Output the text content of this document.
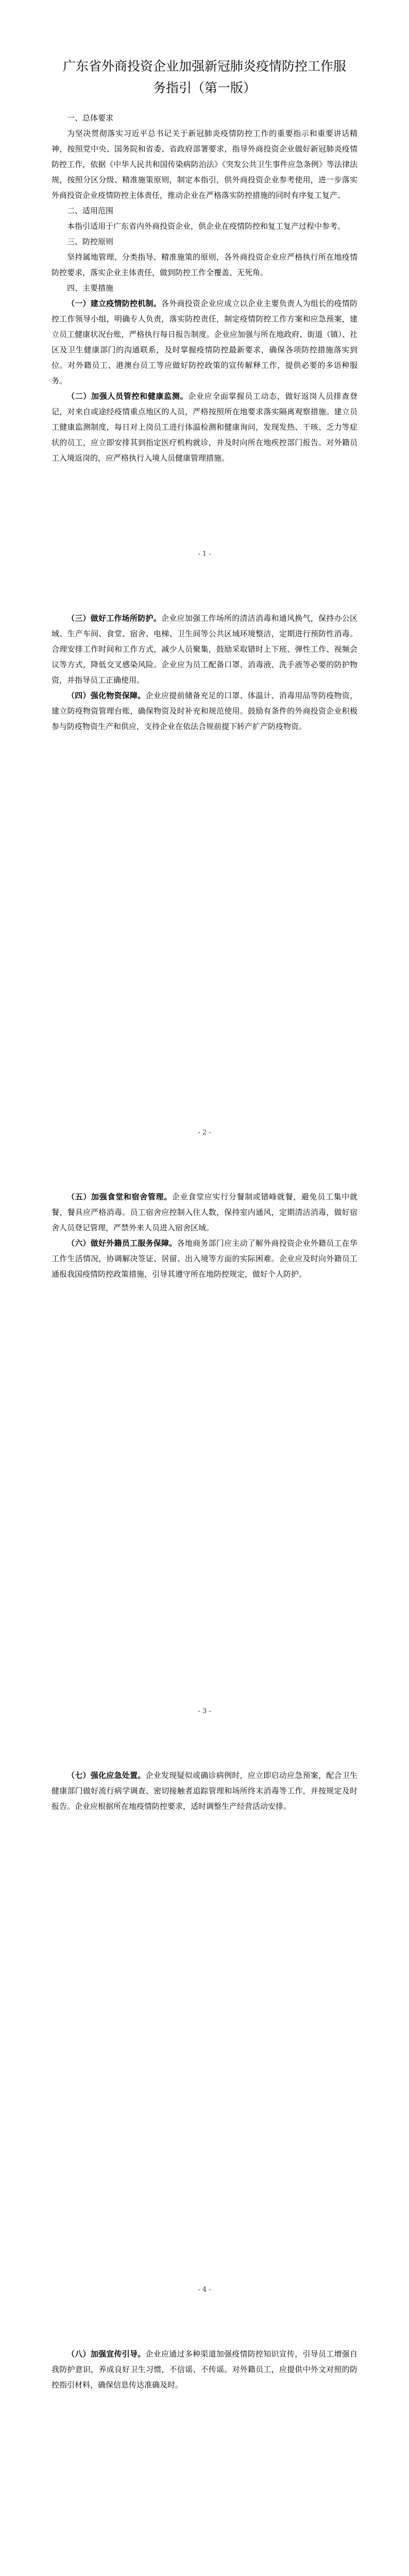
广东省外商投资企业加强新冠肺炎疫情防控工作服务指引（第一版）

一、总体要求

为坚决贯彻落实习近平总书记关于新冠肺炎疫情防控工作的重要指示和重要讲话精神，按照党中央、国务院和省委、省政府部署要求，指导外商投资企业做好新冠肺炎疫情防控工作，依据《中华人民共和国传染病防治法》《突发公共卫生事件应急条例》等法律法规，按照分区分级、精准施策原则，制定本指引，供外商投资企业参考使用，进一步落实外商投资企业疫情防控主体责任，推动企业在严格落实防控措施的同时有序复工复产。

二、适用范围

本指引适用于广东省内外商投资企业，供企业在疫情防控和复工复产过程中参考。

三、防控原则

坚持属地管理、分类指导、精准施策的原则，各外商投资企业应严格执行所在地疫情防控要求，落实企业主体责任，做到防控工作全覆盖、无死角。

四、主要措施

（一）建立疫情防控机制。各外商投资企业应成立以企业主要负责人为组长的疫情防控工作领导小组，明确专人负责，落实防控责任，制定疫情防控工作方案和应急预案，建立员工健康状况台账，严格执行每日报告制度。企业应加强与所在地政府、街道（镇）、社区及卫生健康部门的沟通联系，及时掌握疫情防控最新要求，确保各项防控措施落实到位。对外籍员工、港澳台员工等应做好防控政策的宣传解释工作，提供必要的多语种服务。

（二）加强人员管控和健康监测。企业应全面掌握员工动态，做好返岗人员排查登记，对来自或途经疫情重点地区的人员，严格按照所在地要求落实隔离观察措施。建立员工健康监测制度，每日对上岗员工进行体温检测和健康询问，发现发热、干咳、乏力等症状的员工，应立即安排其到指定医疗机构就诊，并及时向所在地疾控部门报告。对外籍员工入境返岗的，应严格执行入境人员健康管理措施。

- 1 -

（三）做好工作场所防护。企业应加强工作场所的清洁消毒和通风换气，保持办公区域、生产车间、食堂、宿舍、电梯、卫生间等公共区域环境整洁，定期进行预防性消毒。合理安排工作时间和工作方式，减少人员聚集，鼓励采取错时上下班、弹性工作、视频会议等方式，降低交叉感染风险。企业应为员工配备口罩、消毒液、洗手液等必要的防护物资，并指导员工正确使用。

（四）强化物资保障。企业应提前储备充足的口罩、体温计、消毒用品等防疫物资，建立防疫物资管理台账，确保物资及时补充和规范使用。鼓励有条件的外商投资企业积极参与防疫物资生产和供应，支持企业在依法合规前提下转产扩产防疫物资。

- 2 -

（五）加强食堂和宿舍管理。企业食堂应实行分餐制或错峰就餐，避免员工集中就餐，餐具应严格消毒。员工宿舍应控制入住人数，保持室内通风，定期清洁消毒，做好宿舍人员登记管理，严禁外来人员进入宿舍区域。

（六）做好外籍员工服务保障。各地商务部门应主动了解外商投资企业外籍员工在华工作生活情况，协调解决签证、居留、出入境等方面的实际困难。企业应及时向外籍员工通报我国疫情防控政策措施，引导其遵守所在地防控规定，做好个人防护。

- 3 -

（七）强化应急处置。企业发现疑似或确诊病例时，应立即启动应急预案，配合卫生健康部门做好流行病学调查、密切接触者追踪管理和场所终末消毒等工作，并按规定及时报告。企业应根据所在地疫情防控要求，适时调整生产经营活动安排。

- 4 -

（八）加强宣传引导。企业应通过多种渠道加强疫情防控知识宣传，引导员工增强自我防护意识，养成良好卫生习惯，不信谣、不传谣。对外籍员工，应提供中外文对照的防控指引材料，确保信息传达准确及时。
